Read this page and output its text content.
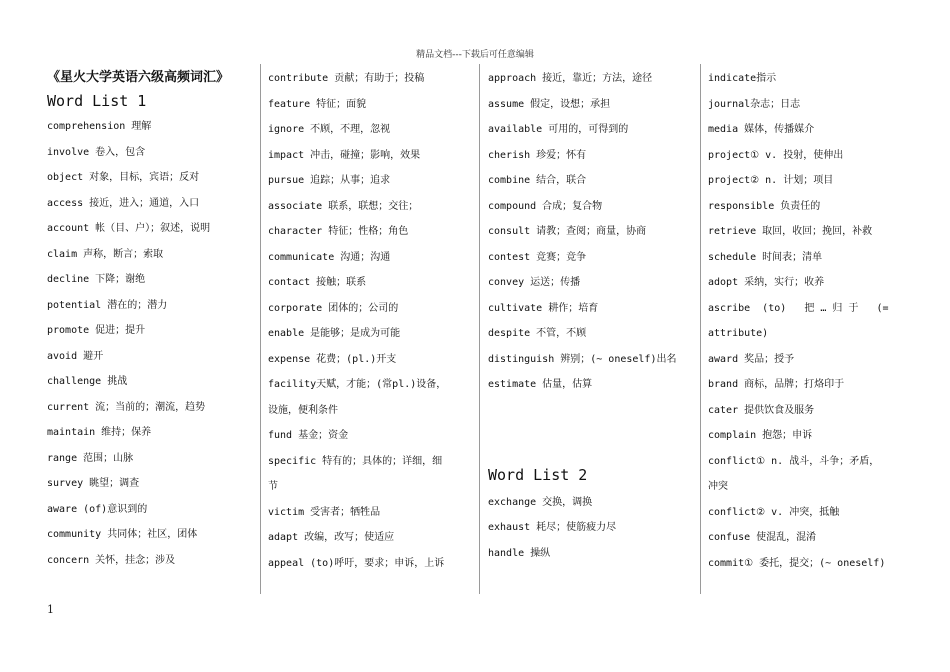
精品文档---下载后可任意编辑
《星火大学英语六级高频词汇》
Word List 1
comprehension 理解
involve 卷入，包含
object 对象，目标，宾语；反对
access 接近，进入；通道，入口
account 帐（目、户）；叙述，说明
claim 声称，断言；索取
decline 下降；谢绝
potential 潜在的；潜力
promote 促进；提升
avoid 避开
challenge 挑战
current 流；当前的；潮流，趋势
maintain 维持；保养
range 范围；山脉
survey 眺望；调查
aware (of)意识到的
community 共同体；社区，团体
concern 关怀，挂念；涉及
contribute 贡献；有助于；投稿
feature 特征；面貌
ignore 不顾，不理，忽视
impact 冲击，碰撞；影响，效果
pursue 追踪；从事；追求
associate 联系，联想；交往；
character 特征；性格；角色
communicate 沟通；沟通
contact 接触；联系
corporate 团体的；公司的
enable 是能够；是成为可能
expense 花费；(pl.)开支
facility天赋，才能；(常pl.)设备，
设施，便利条件
fund 基金；资金
specific 特有的；具体的；详细，细
节
victim 受害者；牺牲品
adapt 改编，改写；使适应
appeal (to)呼吁，要求；申诉，上诉
approach 接近，靠近；方法，途径
assume 假定，设想；承担
available 可用的，可得到的
cherish 珍爱；怀有
combine 结合，联合
compound 合成；复合物
consult 请教；查阅；商量，协商
contest 竞赛；竞争
convey 运送；传播
cultivate 耕作；培育
despite 不管，不顾
distinguish 辨别；(~ oneself)出名
estimate 估量，估算
Word List 2
exchange 交换，调换
exhaust 耗尽；使筋疲力尽
handle 操纵
indicate指示
journal杂志；日志
media 媒体，传播媒介
project① v. 投射，使伸出
project② n. 计划；项目
responsible 负责任的
retrieve 取回，收回；挽回，补救
schedule 时间表；清单
adopt 采纳，实行；收养
ascribe  (to)   把 … 归 于   (=
attribute)
award 奖品；授予
brand 商标，品牌；打烙印于
cater 提供饮食及服务
complain 抱怨；申诉
conflict① n. 战斗，斗争；矛盾，
冲突
conflict② v. 冲突，抵触
confuse 使混乱，混淆
commit① 委托，提交；(~ oneself)
1
